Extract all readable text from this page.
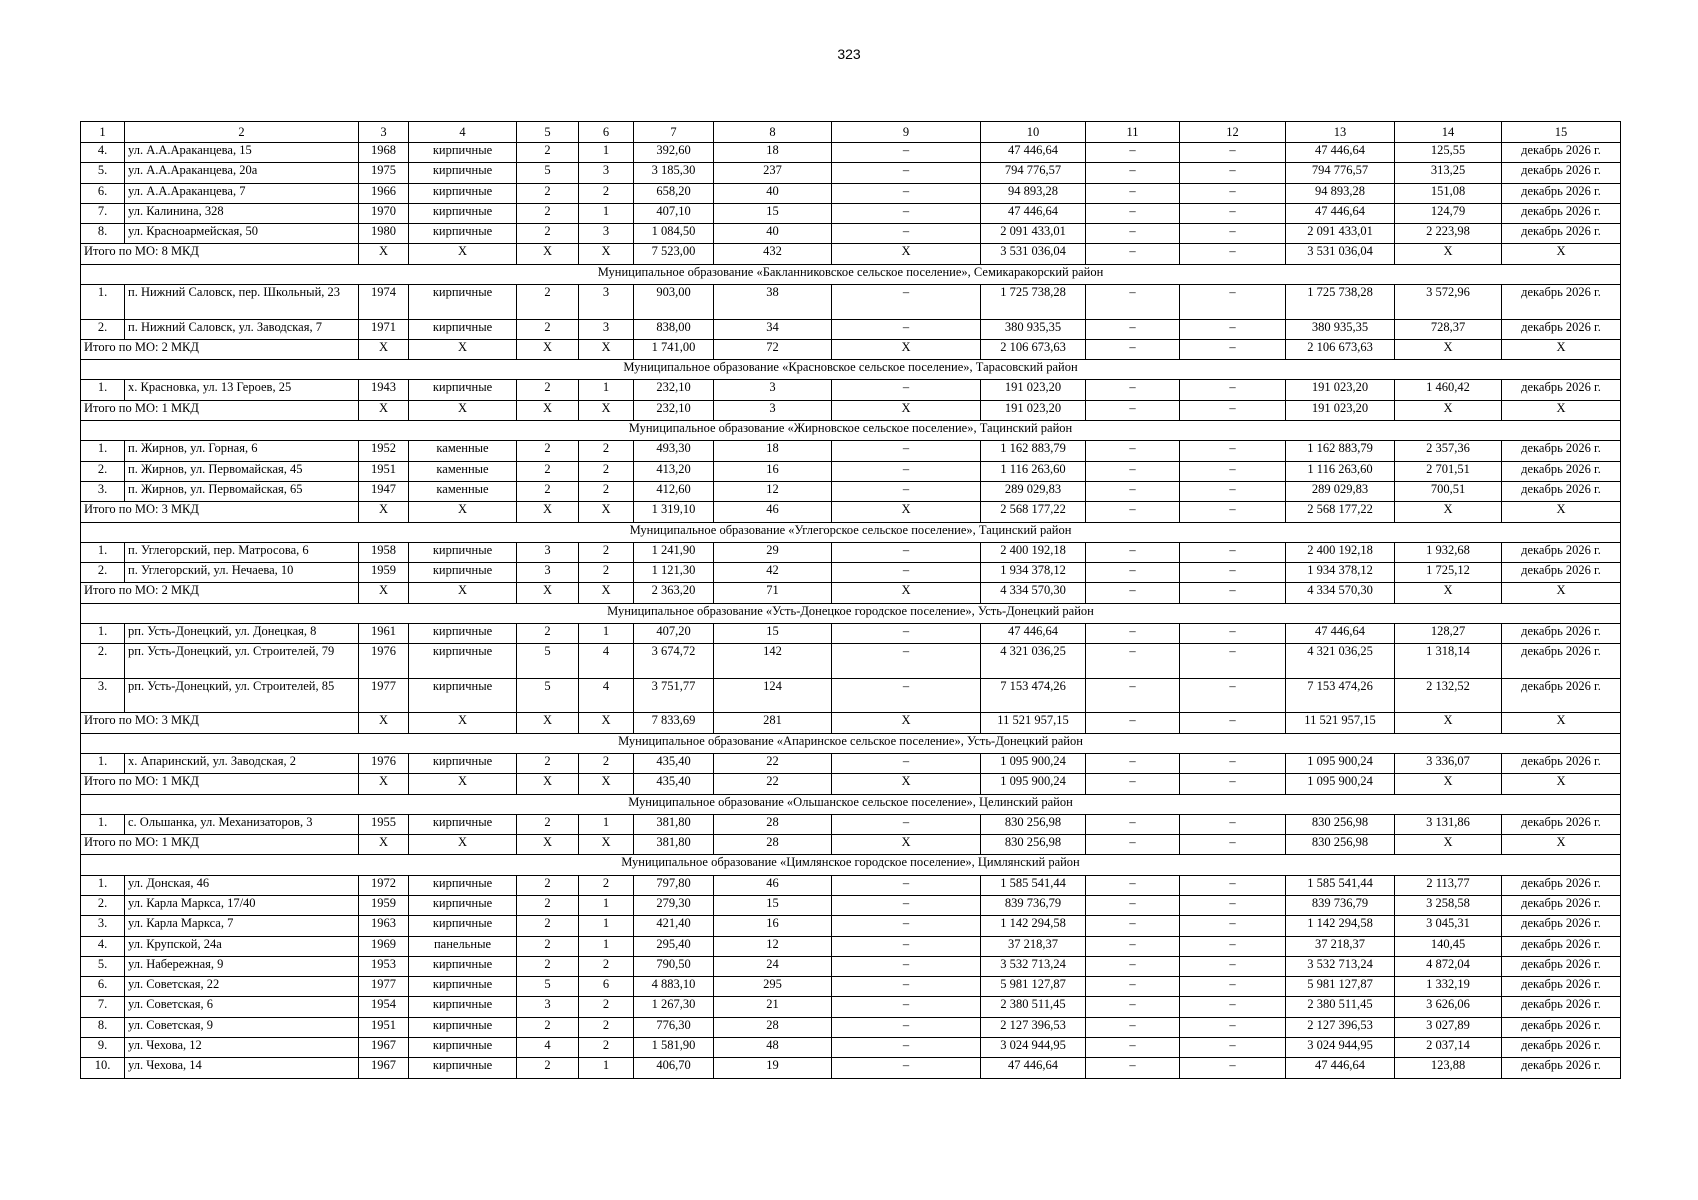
323
1	2	3	4	5	6	7	8	9	10	11	12	13	14	15
4.	ул. А.А.Араканцева, 15	1968	кирпичные	2	1	392,60	18	–	47 446,64	–	–	47 446,64	125,55	декабрь 2026 г.
5.	ул. А.А.Араканцева, 20а	1975	кирпичные	5	3	3 185,30	237	–	794 776,57	–	–	794 776,57	313,25	декабрь 2026 г.
6.	ул. А.А.Араканцева, 7	1966	кирпичные	2	2	658,20	40	–	94 893,28	–	–	94 893,28	151,08	декабрь 2026 г.
7.	ул. Калинина, 328	1970	кирпичные	2	1	407,10	15	–	47 446,64	–	–	47 446,64	124,79	декабрь 2026 г.
8.	ул. Красноармейская, 50	1980	кирпичные	2	3	1 084,50	40	–	2 091 433,01	–	–	2 091 433,01	2 223,98	декабрь 2026 г.
Итого по МО: 8 МКД		X	X	X	X	7 523,00	432	X	3 531 036,04	–	–	3 531 036,04	X	X
Муниципальное образование «Бакланниковское сельское поселение», Семикаракорский район														
1.	п. Нижний Саловск, пер. Школьный, 23	1974	кирпичные	2	3	903,00	38	–	1 725 738,28	–	–	1 725 738,28	3 572,96	декабрь 2026 г.
2.	п. Нижний Саловск, ул. Заводская, 7	1971	кирпичные	2	3	838,00	34	–	380 935,35	–	–	380 935,35	728,37	декабрь 2026 г.
Итого по МО: 2 МКД		X	X	X	X	1 741,00	72	X	2 106 673,63	–	–	2 106 673,63	X	X
Муниципальное образование «Красновское сельское поселение», Тарасовский район														
1.	х. Красновка, ул. 13 Героев, 25	1943	кирпичные	2	1	232,10	3	–	191 023,20	–	–	191 023,20	1 460,42	декабрь 2026 г.
Итого по МО: 1 МКД		X	X	X	X	232,10	3	X	191 023,20	–	–	191 023,20	X	X
Муниципальное образование «Жирновское сельское поселение», Тацинский район														
1.	п. Жирнов, ул. Горная, 6	1952	каменные	2	2	493,30	18	–	1 162 883,79	–	–	1 162 883,79	2 357,36	декабрь 2026 г.
2.	п. Жирнов, ул. Первомайская, 45	1951	каменные	2	2	413,20	16	–	1 116 263,60	–	–	1 116 263,60	2 701,51	декабрь 2026 г.
3.	п. Жирнов, ул. Первомайская, 65	1947	каменные	2	2	412,60	12	–	289 029,83	–	–	289 029,83	700,51	декабрь 2026 г.
Итого по МО: 3 МКД		X	X	X	X	1 319,10	46	X	2 568 177,22	–	–	2 568 177,22	X	X
Муниципальное образование «Углегорское сельское поселение», Тацинский район														
1.	п. Углегорский, пер. Матросова, 6	1958	кирпичные	3	2	1 241,90	29	–	2 400 192,18	–	–	2 400 192,18	1 932,68	декабрь 2026 г.
2.	п. Углегорский, ул. Нечаева, 10	1959	кирпичные	3	2	1 121,30	42	–	1 934 378,12	–	–	1 934 378,12	1 725,12	декабрь 2026 г.
Итого по МО: 2 МКД		X	X	X	X	2 363,20	71	X	4 334 570,30	–	–	4 334 570,30	X	X
Муниципальное образование «Усть-Донецкое городское поселение», Усть-Донецкий район														
1.	рп. Усть-Донецкий, ул. Донецкая, 8	1961	кирпичные	2	1	407,20	15	–	47 446,64	–	–	47 446,64	128,27	декабрь 2026 г.
2.	рп. Усть-Донецкий, ул. Строителей, 79	1976	кирпичные	5	4	3 674,72	142	–	4 321 036,25	–	–	4 321 036,25	1 318,14	декабрь 2026 г.
3.	рп. Усть-Донецкий, ул. Строителей, 85	1977	кирпичные	5	4	3 751,77	124	–	7 153 474,26	–	–	7 153 474,26	2 132,52	декабрь 2026 г.
Итого по МО: 3 МКД		X	X	X	X	7 833,69	281	X	11 521 957,15	–	–	11 521 957,15	X	X
Муниципальное образование «Апаринское сельское поселение», Усть-Донецкий район														
1.	х. Апаринский, ул. Заводская, 2	1976	кирпичные	2	2	435,40	22	–	1 095 900,24	–	–	1 095 900,24	3 336,07	декабрь 2026 г.
Итого по МО: 1 МКД		X	X	X	X	435,40	22	X	1 095 900,24	–	–	1 095 900,24	X	X
Муниципальное образование «Ольшанское сельское поселение», Целинский район														
1.	с. Ольшанка, ул. Механизаторов, 3	1955	кирпичные	2	1	381,80	28	–	830 256,98	–	–	830 256,98	3 131,86	декабрь 2026 г.
Итого по МО: 1 МКД		X	X	X	X	381,80	28	X	830 256,98	–	–	830 256,98	X	X
Муниципальное образование «Цимлянское городское поселение», Цимлянский район														
1.	ул. Донская, 46	1972	кирпичные	2	2	797,80	46	–	1 585 541,44	–	–	1 585 541,44	2 113,77	декабрь 2026 г.
2.	ул. Карла Маркса, 17/40	1959	кирпичные	2	1	279,30	15	–	839 736,79	–	–	839 736,79	3 258,58	декабрь 2026 г.
3.	ул. Карла Маркса, 7	1963	кирпичные	2	1	421,40	16	–	1 142 294,58	–	–	1 142 294,58	3 045,31	декабрь 2026 г.
4.	ул. Крупской, 24а	1969	панельные	2	1	295,40	12	–	37 218,37	–	–	37 218,37	140,45	декабрь 2026 г.
5.	ул. Набережная, 9	1953	кирпичные	2	2	790,50	24	–	3 532 713,24	–	–	3 532 713,24	4 872,04	декабрь 2026 г.
6.	ул. Советская, 22	1977	кирпичные	5	6	4 883,10	295	–	5 981 127,87	–	–	5 981 127,87	1 332,19	декабрь 2026 г.
7.	ул. Советская, 6	1954	кирпичные	3	2	1 267,30	21	–	2 380 511,45	–	–	2 380 511,45	3 626,06	декабрь 2026 г.
8.	ул. Советская, 9	1951	кирпичные	2	2	776,30	28	–	2 127 396,53	–	–	2 127 396,53	3 027,89	декабрь 2026 г.
9.	ул. Чехова, 12	1967	кирпичные	4	2	1 581,90	48	–	3 024 944,95	–	–	3 024 944,95	2 037,14	декабрь 2026 г.
10.	ул. Чехова, 14	1967	кирпичные	2	1	406,70	19	–	47 446,64	–	–	47 446,64	123,88	декабрь 2026 г.
